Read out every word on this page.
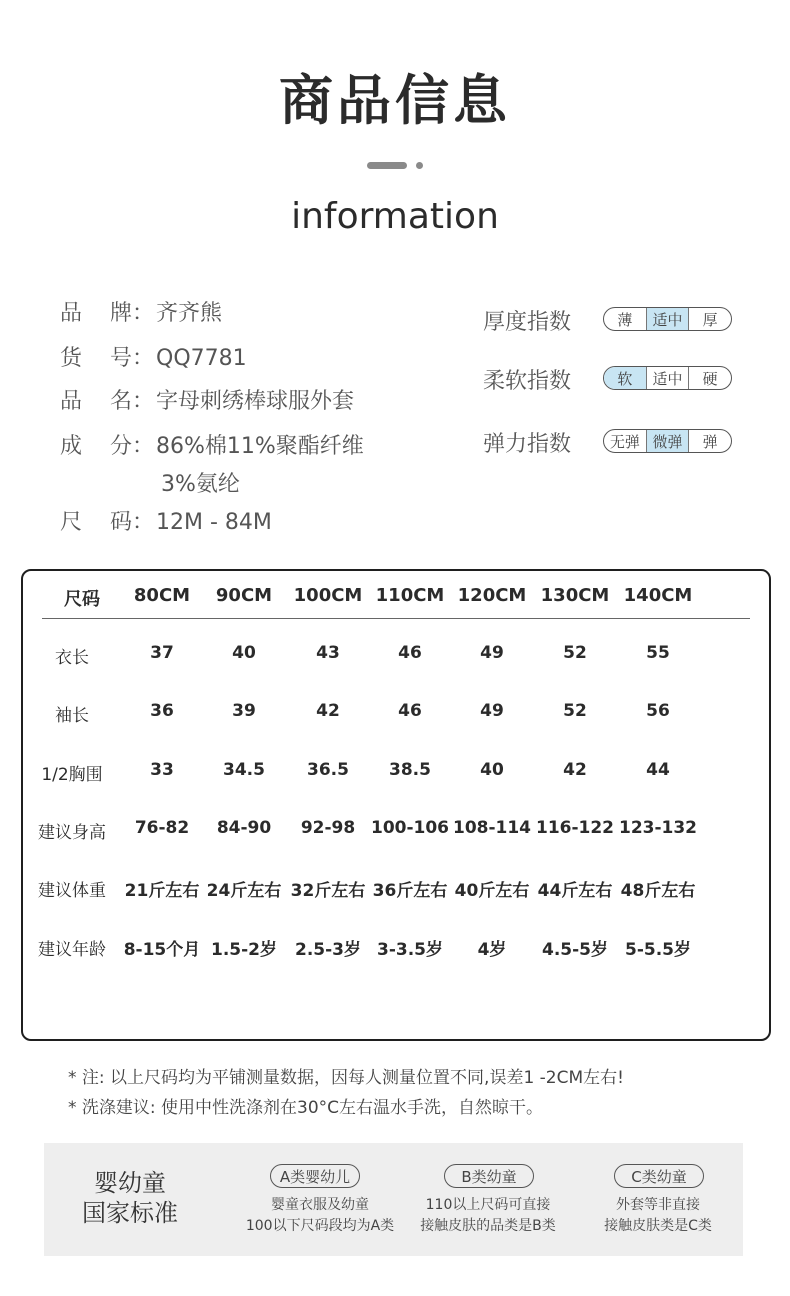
商品信息
information
品牌：齐齐熊
货号：QQ7781
品名：字母刺绣棒球服外套
成分：86%棉11%聚酯纤维
3%氨纶
尺码：12M - 84M
厚度指数	薄	适中	厚
柔软指数	软	适中	硬
弹力指数	无弹 微弹	弹
尺码	80CM	90CM	100CM 110CM 120CM 130CM 140CM
衣长	37	40	43	46	49	52	55
袖长	36	39	42	46	49	52	56
1/2胸围	33	34.5	36.5	38.5	40	42	44
建议身高	76-82	84-90	92-98 100-106 108-114 116-122 123-132
建议体重	21斤左右 24斤左右 32斤左右 36斤左右 40斤左右 44斤左右 48斤左右
建议年龄	8-15个月 1.5-2岁	2.5-3岁 3-3.5岁	4岁	4.5-5岁	5-5.5岁
* 注: 以上尺码均为平铺测量数据，因每人测量位置不同,误差1 -2CM左右!
* 洗涤建议: 使用中性洗涤剂在30°C左右温水手洗，自然晾干。
婴幼童
国家标准
A类婴幼儿
婴童衣服及幼童
100以下尺码段均为A类
B类幼童
110以上尺码可直接
接触皮肤的品类是B类
C类幼童
外套等非直接
接触皮肤类是C类
